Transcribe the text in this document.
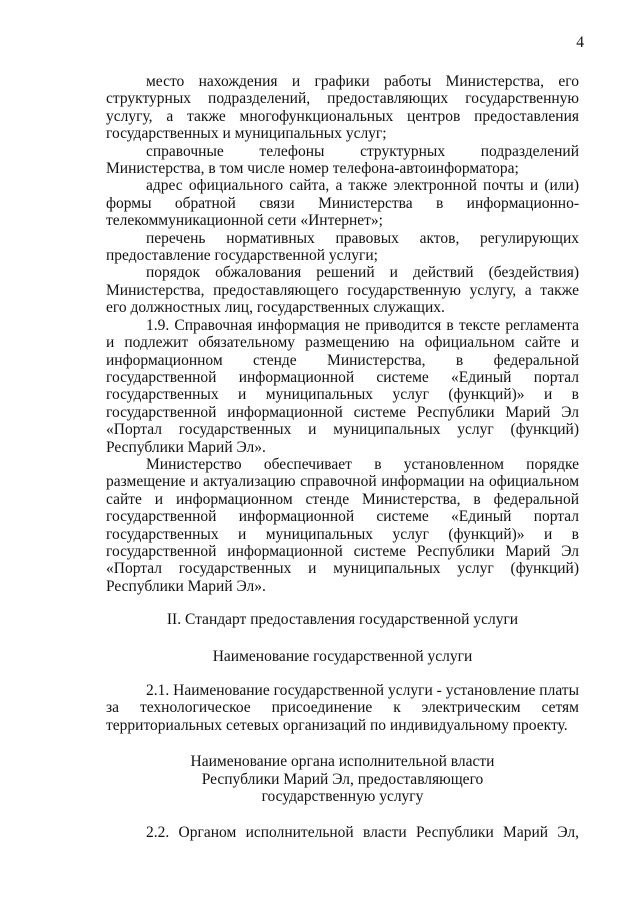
4

место нахождения и графики работы Министерства, его структурных подразделений, предоставляющих государственную услугу, а также многофункциональных центров предоставления государственных и муниципальных услуг;

справочные телефоны структурных подразделений Министерства, в том числе номер телефона-автоинформатора;

адрес официального сайта, а также электронной почты и (или) формы обратной связи Министерства в информационно-телекоммуникационной сети «Интернет»;

перечень нормативных правовых актов, регулирующих предоставление государственной услуги;

порядок обжалования решений и действий (бездействия) Министерства, предоставляющего государственную услугу, а также его должностных лиц, государственных служащих.

1.9. Справочная информация не приводится в тексте регламента и подлежит обязательному размещению на официальном сайте и информационном стенде Министерства, в федеральной государственной информационной системе «Единый портал государственных и муниципальных услуг (функций)» и в государственной информационной системе Республики Марий Эл «Портал государственных и муниципальных услуг (функций) Республики Марий Эл».

Министерство обеспечивает в установленном порядке размещение и актуализацию справочной информации на официальном сайте и информационном стенде Министерства, в федеральной государственной информационной системе «Единый портал государственных и муниципальных услуг (функций)» и в государственной информационной системе Республики Марий Эл «Портал государственных и муниципальных услуг (функций) Республики Марий Эл».

II. Стандарт предоставления государственной услуги

Наименование государственной услуги

2.1. Наименование государственной услуги - установление платы за технологическое присоединение к электрическим сетям территориальных сетевых организаций по индивидуальному проекту.

Наименование органа исполнительной власти

Республики Марий Эл, предоставляющего

государственную услугу

2.2. Органом исполнительной власти Республики Марий Эл,
